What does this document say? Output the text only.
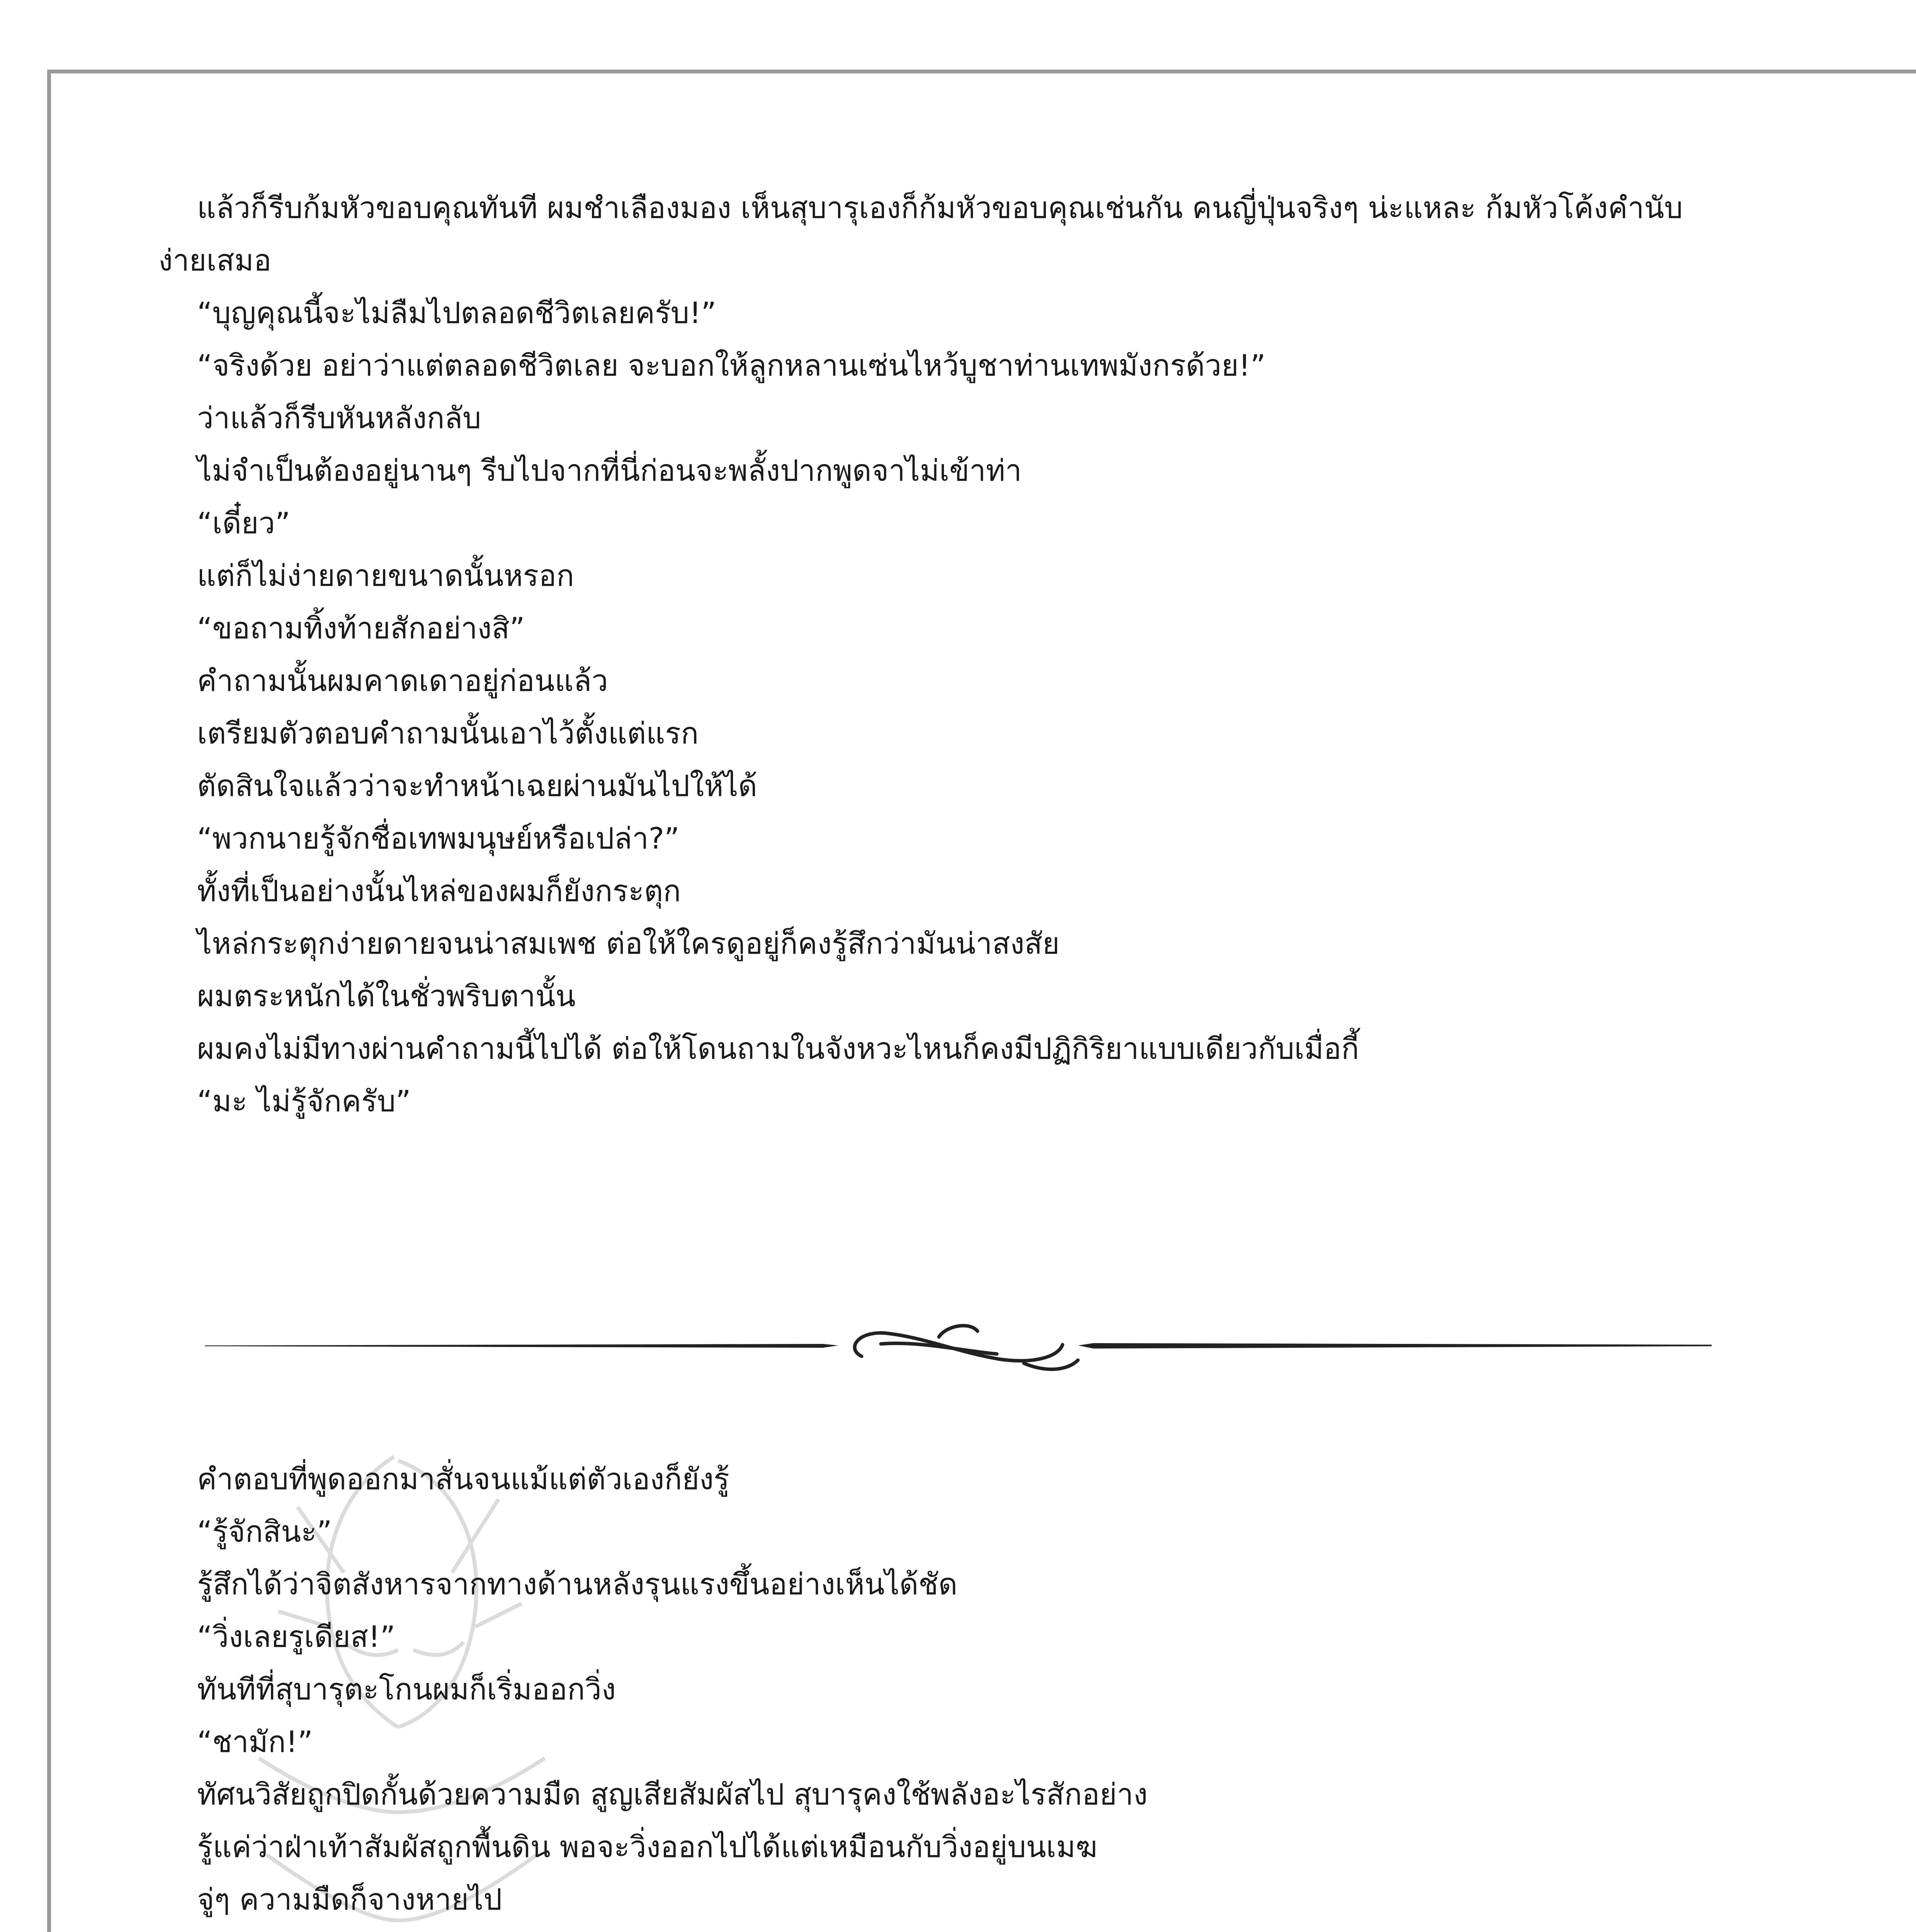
แล้วก็รีบก้มหัวขอบคุณทันที ผมชำเลืองมอง เห็นสุบารุเองก็ก้มหัวขอบคุณเช่นกัน คนญี่ปุ่นจริงๆ น่ะแหละ ก้มหัวโค้งคำนับง่ายเสมอ

“บุญคุณนี้จะไม่ลืมไปตลอดชีวิตเลยครับ!”

“จริงด้วย อย่าว่าแต่ตลอดชีวิตเลย จะบอกให้ลูกหลานเซ่นไหว้บูชาท่านเทพมังกรด้วย!”

ว่าแล้วก็รีบหันหลังกลับ

ไม่จำเป็นต้องอยู่นานๆ รีบไปจากที่นี่ก่อนจะพลั้งปากพูดจาไม่เข้าท่า

“เดี๋ยว”

แต่ก็ไม่ง่ายดายขนาดนั้นหรอก

“ขอถามทิ้งท้ายสักอย่างสิ”

คำถามนั้นผมคาดเดาอยู่ก่อนแล้ว

เตรียมตัวตอบคำถามนั้นเอาไว้ตั้งแต่แรก

ตัดสินใจแล้วว่าจะทำหน้าเฉยผ่านมันไปให้ได้

“พวกนายรู้จักชื่อเทพมนุษย์หรือเปล่า?”

ทั้งที่เป็นอย่างนั้นไหล่ของผมก็ยังกระตุก

ไหล่กระตุกง่ายดายจนน่าสมเพช ต่อให้ใครดูอยู่ก็คงรู้สึกว่ามันน่าสงสัย

ผมตระหนักได้ในชั่วพริบตานั้น

ผมคงไม่มีทางผ่านคำถามนี้ไปได้ ต่อให้โดนถามในจังหวะไหนก็คงมีปฏิกิริยาแบบเดียวกับเมื่อกี้

“มะ ไม่รู้จักครับ”

คำตอบที่พูดออกมาสั่นจนแม้แต่ตัวเองก็ยังรู้

“รู้จักสินะ”

รู้สึกได้ว่าจิตสังหารจากทางด้านหลังรุนแรงขึ้นอย่างเห็นได้ชัด

“วิ่งเลยรูเดียส!”

ทันทีที่สุบารุตะโกนผมก็เริ่มออกวิ่ง

“ชามัก!”

ทัศนวิสัยถูกปิดกั้นด้วยความมืด สูญเสียสัมผัสไป สุบารุคงใช้พลังอะไรสักอย่าง

รู้แค่ว่าฝ่าเท้าสัมผัสถูกพื้นดิน พอจะวิ่งออกไปได้แต่เหมือนกับวิ่งอยู่บนเมฆ

จู่ๆ ความมืดก็จางหายไป
